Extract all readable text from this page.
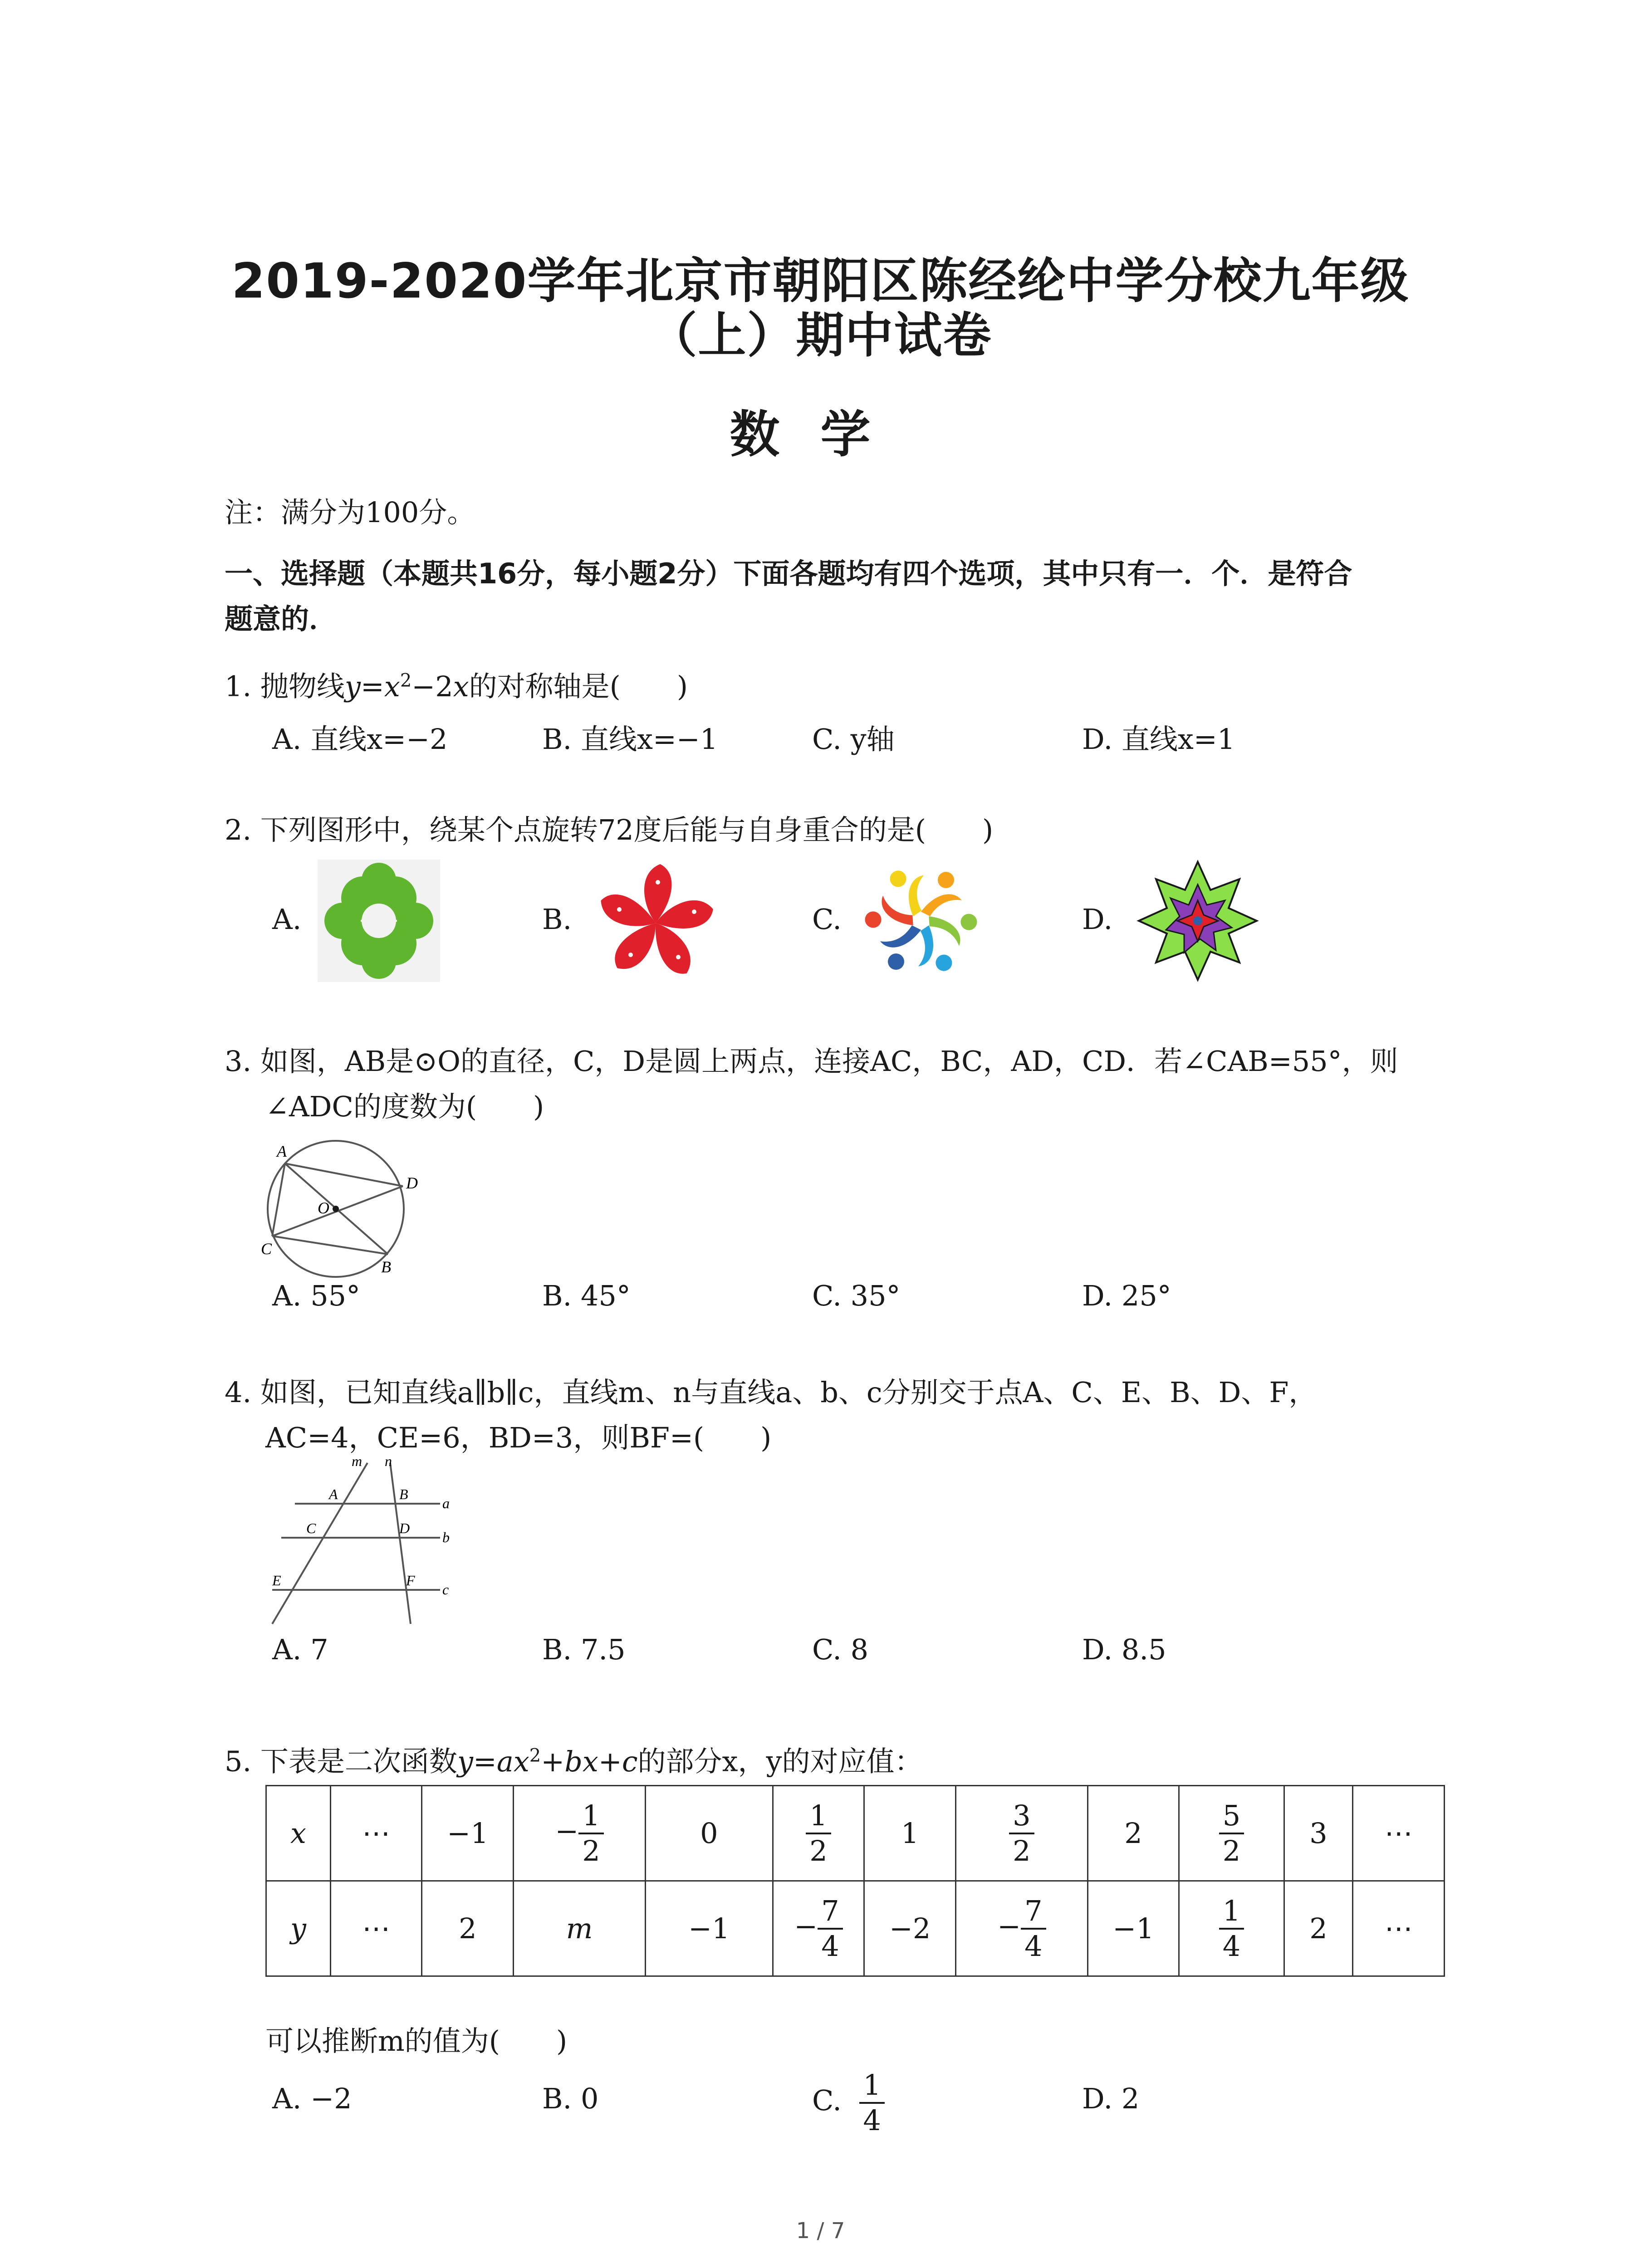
2019-2020学年北京市朝阳区陈经纶中学分校九年级
（上）期中试卷
数学
注：满分为100分。
一、选择题（本题共16分，每小题2分）下面各题均有四个选项，其中只有一．个．是符合
题意的．
1. 抛物线$y=x^2-2x$的对称轴是(　　)
A. 直线x=−2	B. 直线x=−1	C. y轴	D. 直线x=1
2. 下列图形中，绕某个点旋转72度后能与自身重合的是(　　)
A.	B.	C.	D.
3. 如图，AB是⊙O的直径，C，D是圆上两点，连接AC，BC，AD，CD．若∠CAB=55°，则
∠ADC的度数为(　　)
A
D
O
C
B
A. 55°	B. 45°	C. 35°	D. 25°
4. 如图，已知直线a∥b∥c，直线m、n与直线a、b、c分别交于点A、C、E、B、D、F，
AC=4，CE=6，BD=3，则BF=(　　)
m n
A	B
a
C	D
b
E	F
c
A. 7	B. 7.5	C. 8	D. 8.5
5. 下表是二次函数$y=ax^2+bx+c$的部分x，y的对应值：
x	⋯	−1	− $\frac{1}{2}$	0	$\frac{1}{2}$	1	$\frac{3}{2}$	2	$\frac{5}{2}$	3	⋯
y	⋯	2	m	−1	− $\frac{7}{4}$	−2	− $\frac{7}{4}$	−1	$\frac{1}{4}$	2	⋯
可以推断m的值为(　　)
A. −2	B. 0	C. $\frac{1}{4}$	D. 2
1 / 7
